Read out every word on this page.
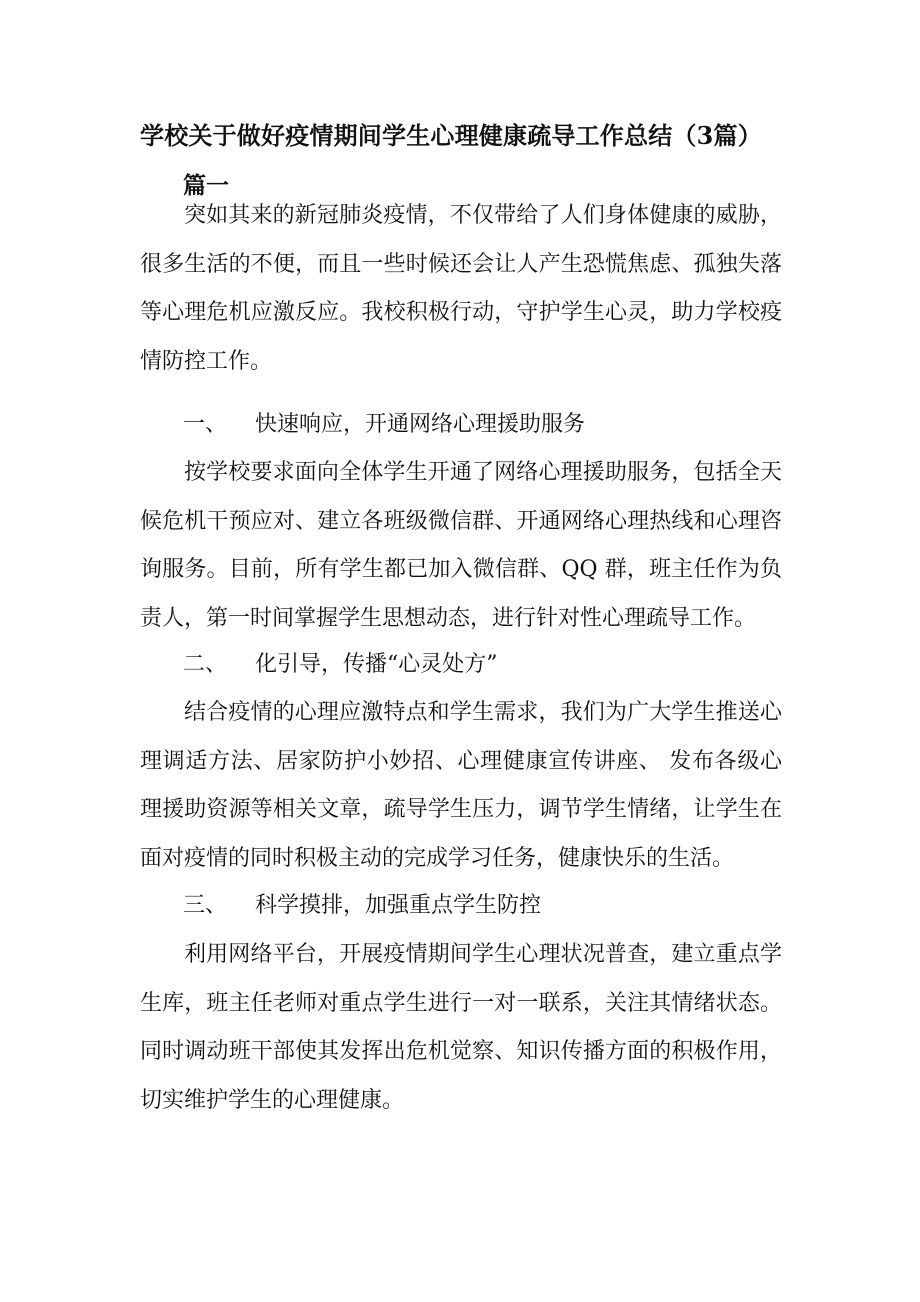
学校关于做好疫情期间学生心理健康疏导工作总结（3篇）
篇一

突如其来的新冠肺炎疫情，不仅带给了人们身体健康的威胁，很多生活的不便，而且一些时候还会让人产生恐慌焦虑、孤独失落等心理危机应激反应。我校积极行动，守护学生心灵，助力学校疫情防控工作。

一、 快速响应，开通网络心理援助服务

按学校要求面向全体学生开通了网络心理援助服务，包括全天候危机干预应对、建立各班级微信群、开通网络心理热线和心理咨询服务。目前，所有学生都已加入微信群、QQ 群，班主任作为负责人，第一时间掌握学生思想动态，进行针对性心理疏导工作。

二、 化引导，传播“心灵处方”

结合疫情的心理应激特点和学生需求，我们为广大学生推送心理调适方法、居家防护小妙招、心理健康宣传讲座、 发布各级心理援助资源等相关文章，疏导学生压力，调节学生情绪，让学生在面对疫情的同时积极主动的完成学习任务，健康快乐的生活。

三、 科学摸排，加强重点学生防控

利用网络平台，开展疫情期间学生心理状况普查，建立重点学生库，班主任老师对重点学生进行一对一联系，关注其情绪状态。同时调动班干部使其发挥出危机觉察、知识传播方面的积极作用，切实维护学生的心理健康。
